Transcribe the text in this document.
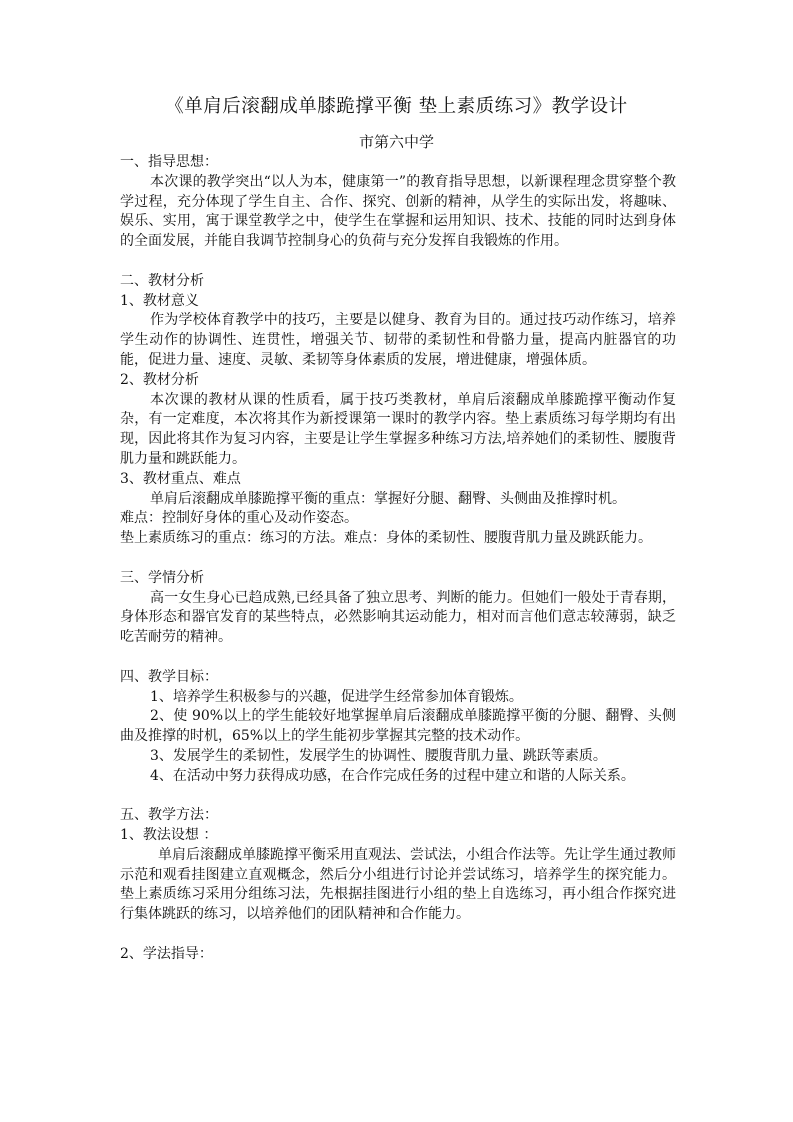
《单肩后滚翻成单膝跪撑平衡 垫上素质练习》教学设计
市第六中学

一、指导思想：

本次课的教学突出“以人为本，健康第一”的教育指导思想，以新课程理念贯穿整个教学过程，充分体现了学生自主、合作、探究、创新的精神，从学生的实际出发，将趣味、娱乐、实用，寓于课堂教学之中，使学生在掌握和运用知识、技术、技能的同时达到身体的全面发展，并能自我调节控制身心的负荷与充分发挥自我锻炼的作用。

二、教材分析

1、教材意义

作为学校体育教学中的技巧，主要是以健身、教育为目的。通过技巧动作练习，培养学生动作的协调性、连贯性，增强关节、韧带的柔韧性和骨骼力量，提高内脏器官的功能，促进力量、速度、灵敏、柔韧等身体素质的发展，增进健康，增强体质。

2、教材分析

本次课的教材从课的性质看，属于技巧类教材，单肩后滚翻成单膝跪撑平衡动作复杂，有一定难度，本次将其作为新授课第一课时的教学内容。垫上素质练习每学期均有出现，因此将其作为复习内容，主要是让学生掌握多种练习方法,培养她们的柔韧性、腰腹背肌力量和跳跃能力。

3、教材重点、难点

单肩后滚翻成单膝跪撑平衡的重点：掌握好分腿、翻臀、头侧曲及推撑时机。

难点：控制好身体的重心及动作姿态。

垫上素质练习的重点：练习的方法。难点：身体的柔韧性、腰腹背肌力量及跳跃能力。

三、学情分析

高一女生身心已趋成熟,已经具备了独立思考、判断的能力。但她们一般处于青春期，身体形态和器官发育的某些特点，必然影响其运动能力，相对而言他们意志较薄弱，缺乏吃苦耐劳的精神。

四、教学目标：

1、培养学生积极参与的兴趣，促进学生经常参加体育锻炼。

2、使 90%以上的学生能较好地掌握单肩后滚翻成单膝跪撑平衡的分腿、翻臀、头侧曲及推撑的时机，65%以上的学生能初步掌握其完整的技术动作。

3、发展学生的柔韧性，发展学生的协调性、腰腹背肌力量、跳跃等素质。

4、在活动中努力获得成功感，在合作完成任务的过程中建立和谐的人际关系。

五、教学方法：

1、教法设想 ：

单肩后滚翻成单膝跪撑平衡采用直观法、尝试法，小组合作法等。先让学生通过教师示范和观看挂图建立直观概念，然后分小组进行讨论并尝试练习，培养学生的探究能力。垫上素质练习采用分组练习法，先根据挂图进行小组的垫上自选练习，再小组合作探究进行集体跳跃的练习，以培养他们的团队精神和合作能力。

2、学法指导：
